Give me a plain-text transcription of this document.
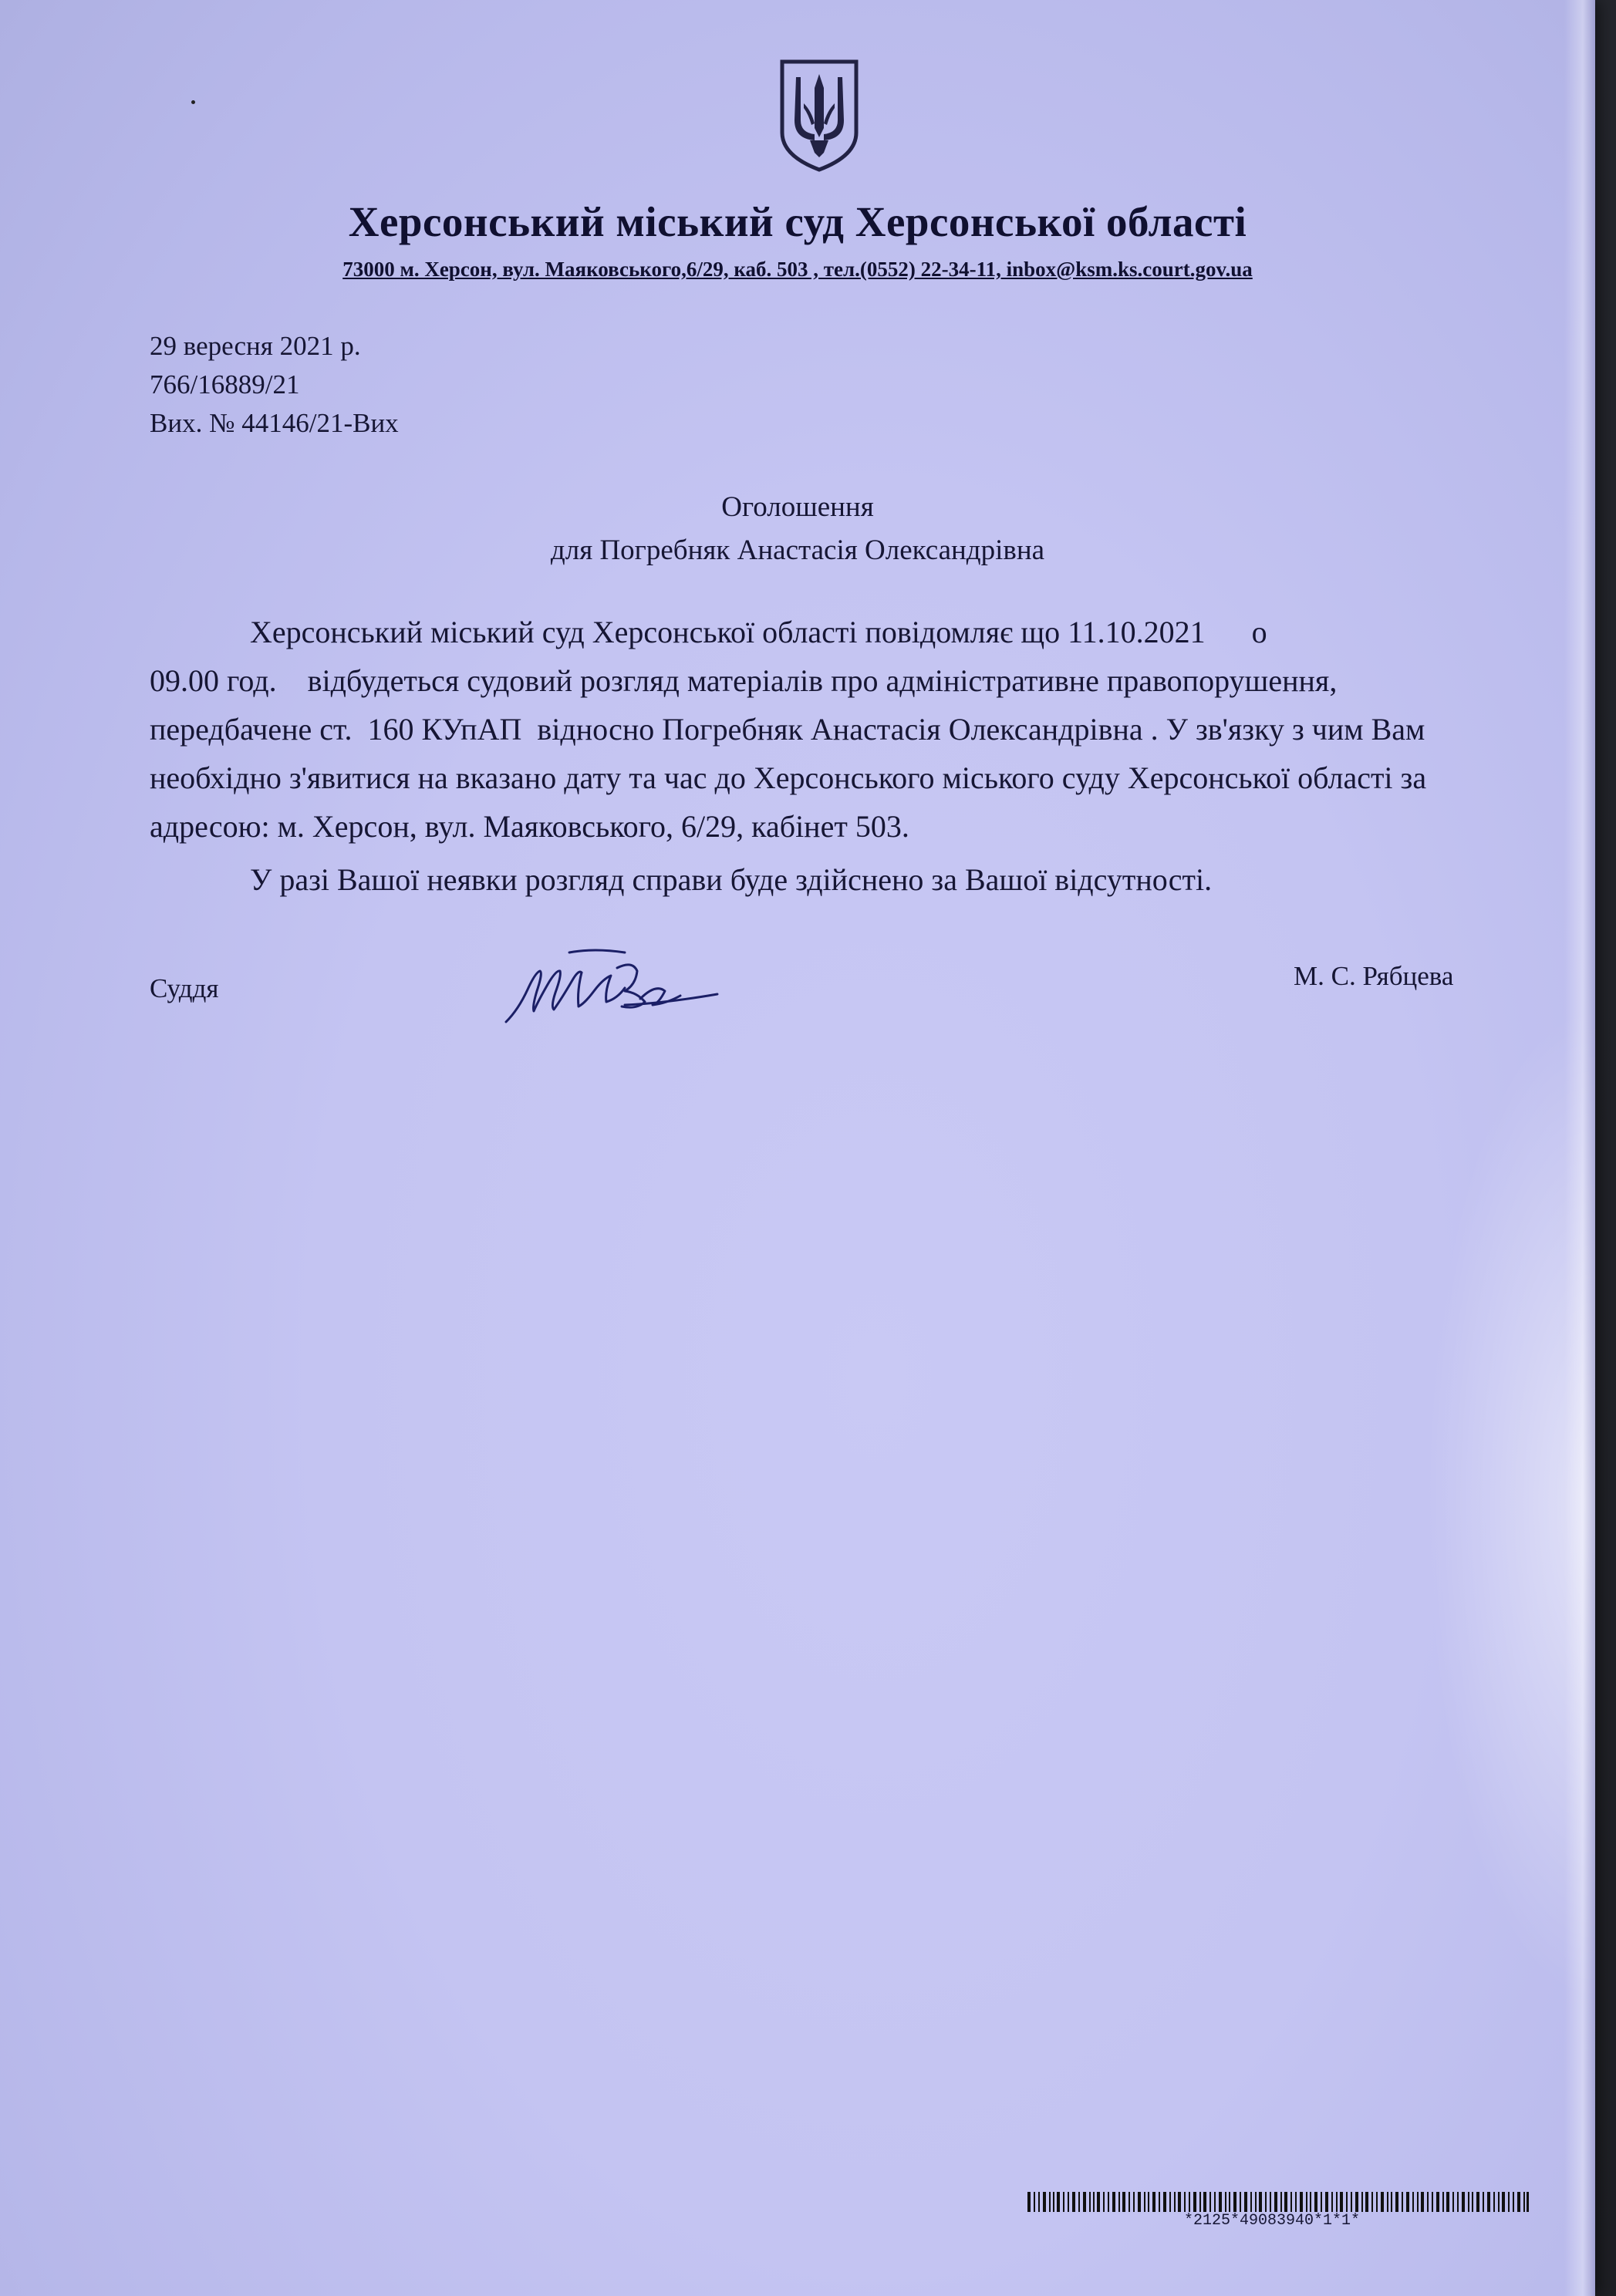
Херсонський міський суд Херсонської області
73000 м. Херсон, вул. Маяковського,6/29, каб. 503 , тел.(0552) 22-34-11, inbox@ksm.ks.court.gov.ua
29 вересня 2021 р.
766/16889/21
Вих. № 44146/21-Вих
Оголошення
для Погребняк Анастасія Олександрівна

Херсонський міський суд Херсонської області повідомляє що 11.10.2021      о

09.00 год.    відбудеться судовий розгляд матеріалів про адміністративне правопорушення, передбачене ст.  160 КУпАП  відносно Погребняк Анастасія Олександрівна . У зв'язку з чим Вам необхідно з'явитися на вказано дату та час до Херсонського міського суду Херсонської області за адресою: м. Херсон, вул. Маяковського, 6/29, кабінет 503.

У разі Вашої неявки розгляд справи буде здійснено за Вашої відсутності.

Суддя	М. С. Рябцева
*2125*49083940*1*1*
